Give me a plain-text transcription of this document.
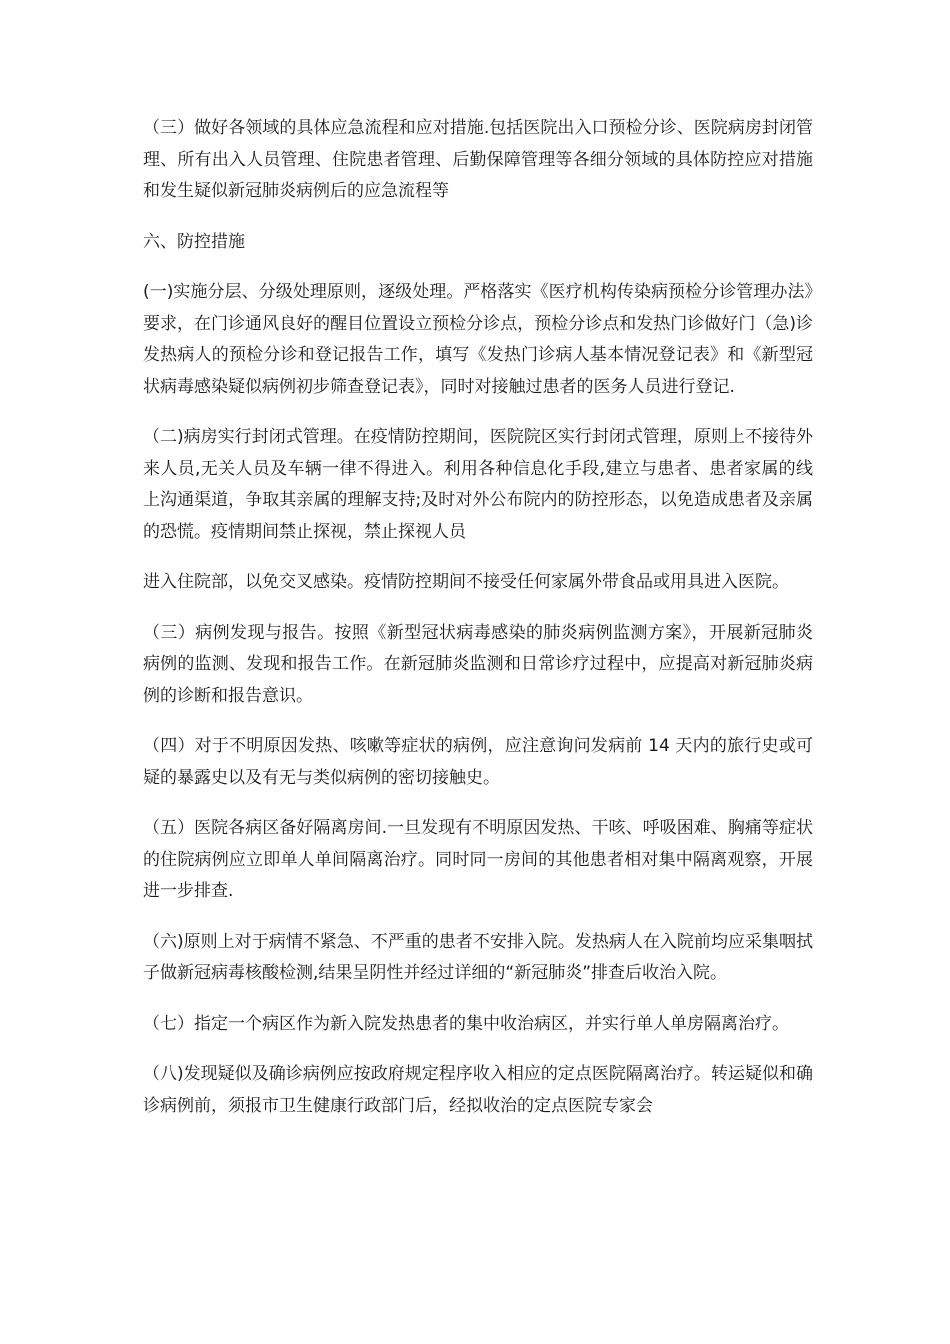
（三）做好各领域的具体应急流程和应对措施.包括医院出入口预检分诊、医院病房封闭管理、所有出入人员管理、住院患者管理、后勤保障管理等各细分领域的具体防控应对措施和发生疑似新冠肺炎病例后的应急流程等

六、防控措施

(一)实施分层、分级处理原则，逐级处理。严格落实《医疗机构传染病预检分诊管理办法》要求，在门诊通风良好的醒目位置设立预检分诊点，预检分诊点和发热门诊做好门（急)诊发热病人的预检分诊和登记报告工作，填写《发热门诊病人基本情况登记表》和《新型冠状病毒感染疑似病例初步筛查登记表》，同时对接触过患者的医务人员进行登记.

（二)病房实行封闭式管理。在疫情防控期间，医院院区实行封闭式管理，原则上不接待外来人员,无关人员及车辆一律不得进入。利用各种信息化手段,建立与患者、患者家属的线上沟通渠道，争取其亲属的理解支持;及时对外公布院内的防控形态，以免造成患者及亲属的恐慌。疫情期间禁止探视，禁止探视人员

进入住院部，以免交叉感染。疫情防控期间不接受任何家属外带食品或用具进入医院。

（三）病例发现与报告。按照《新型冠状病毒感染的肺炎病例监测方案》，开展新冠肺炎病例的监测、发现和报告工作。在新冠肺炎监测和日常诊疗过程中，应提高对新冠肺炎病例的诊断和报告意识。

（四）对于不明原因发热、咳嗽等症状的病例，应注意询问发病前 14 天内的旅行史或可疑的暴露史以及有无与类似病例的密切接触史。

（五）医院各病区备好隔离房间.一旦发现有不明原因发热、干咳、呼吸困难、胸痛等症状的住院病例应立即单人单间隔离治疗。同时同一房间的其他患者相对集中隔离观察，开展进一步排查.

（六)原则上对于病情不紧急、不严重的患者不安排入院。发热病人在入院前均应采集咽拭子做新冠病毒核酸检测,结果呈阴性并经过详细的“新冠肺炎”排查后收治入院。

（七）指定一个病区作为新入院发热患者的集中收治病区，并实行单人单房隔离治疗。

（八)发现疑似及确诊病例应按政府规定程序收入相应的定点医院隔离治疗。转运疑似和确诊病例前，须报市卫生健康行政部门后，经拟收治的定点医院专家会
